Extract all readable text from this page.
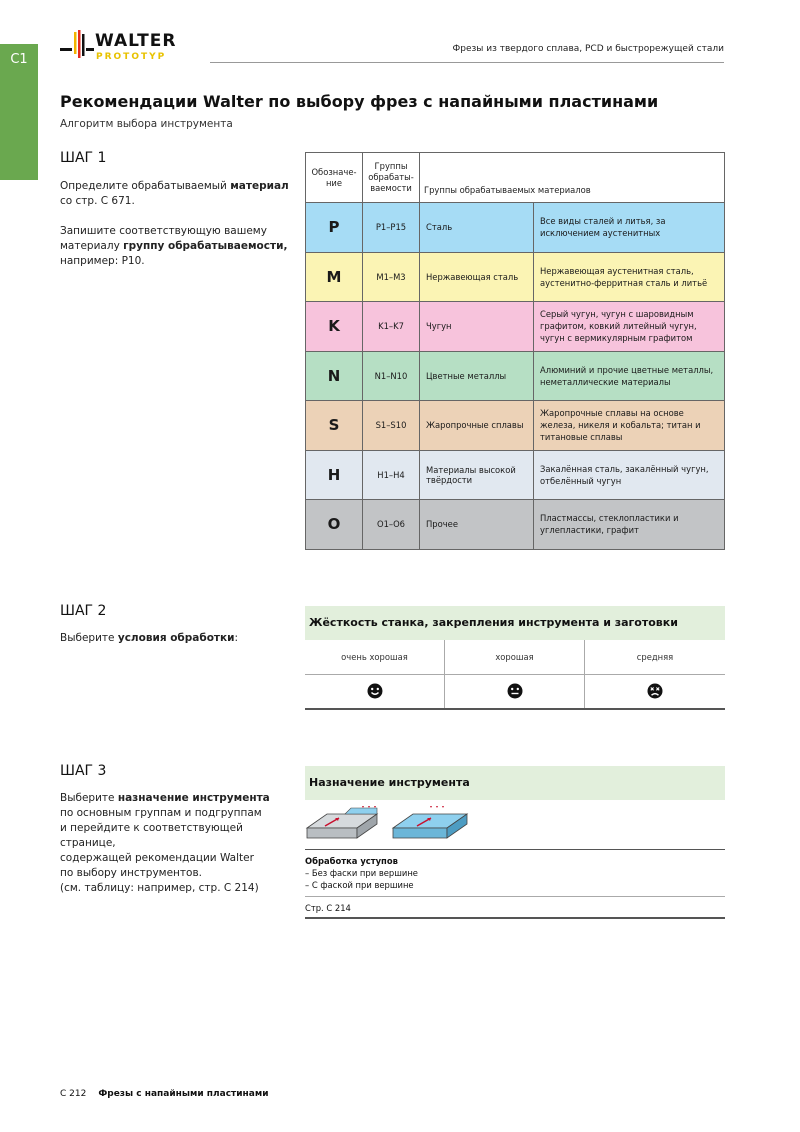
C1
WALTER
PROTOTYP
Фрезы из твердого сплава, PCD и быстрорежущей стали
Рекомендации Walter по выбору фрез с напайными пластинами
Алгоритм выбора инструмента
ШАГ 1
Определите обрабатываемый материал
со стр. С 671.

Запишите соответствующую вашему
материалу группу обрабатываемости,
например: P10.
Обозначе-ние	Группы обрабаты-ваемости	Группы обрабатываемых материалов	
P	P1–P15	Сталь	Все виды сталей и литья, за исключением аустенитных
M	M1–M3	Нержавеющая сталь	Нержавеющая аустенитная сталь, аустенитно-ферритная сталь и литьё
K	K1–K7	Чугун	Серый чугун, чугун с шаровидным графитом, ковкий литейный чугун, чугун с вермикулярным графитом
N	N1–N10	Цветные металлы	Алюминий и прочие цветные металлы, неметаллические материалы
S	S1–S10	Жаропрочные сплавы	Жаропрочные сплавы на основе железа, никеля и кобальта; титан и титановые сплавы
H	H1–H4	Материалы высокой твёрдости	Закалённая сталь, закалённый чугун, отбелённый чугун
O	O1–O6	Прочее	Пластмассы, стеклопластики и углепластики, графит
ШАГ 2
Выберите условия обработки:
Жёсткость станка, закрепления инструмента и заготовки
очень хорошая	хорошая	средняя
ШАГ 3
Выберите назначение инструмента
по основным группам и подгруппам
и перейдите к соответствующей странице,
содержащей рекомендации Walter
по выбору инструментов.
(см. таблицу: например, стр. С 214)
Назначение инструмента
Обработка уступов
– Без фаски при вершине
– С фаской при вершине
Стр. С 214
C 212 Фрезы с напайными пластинами
